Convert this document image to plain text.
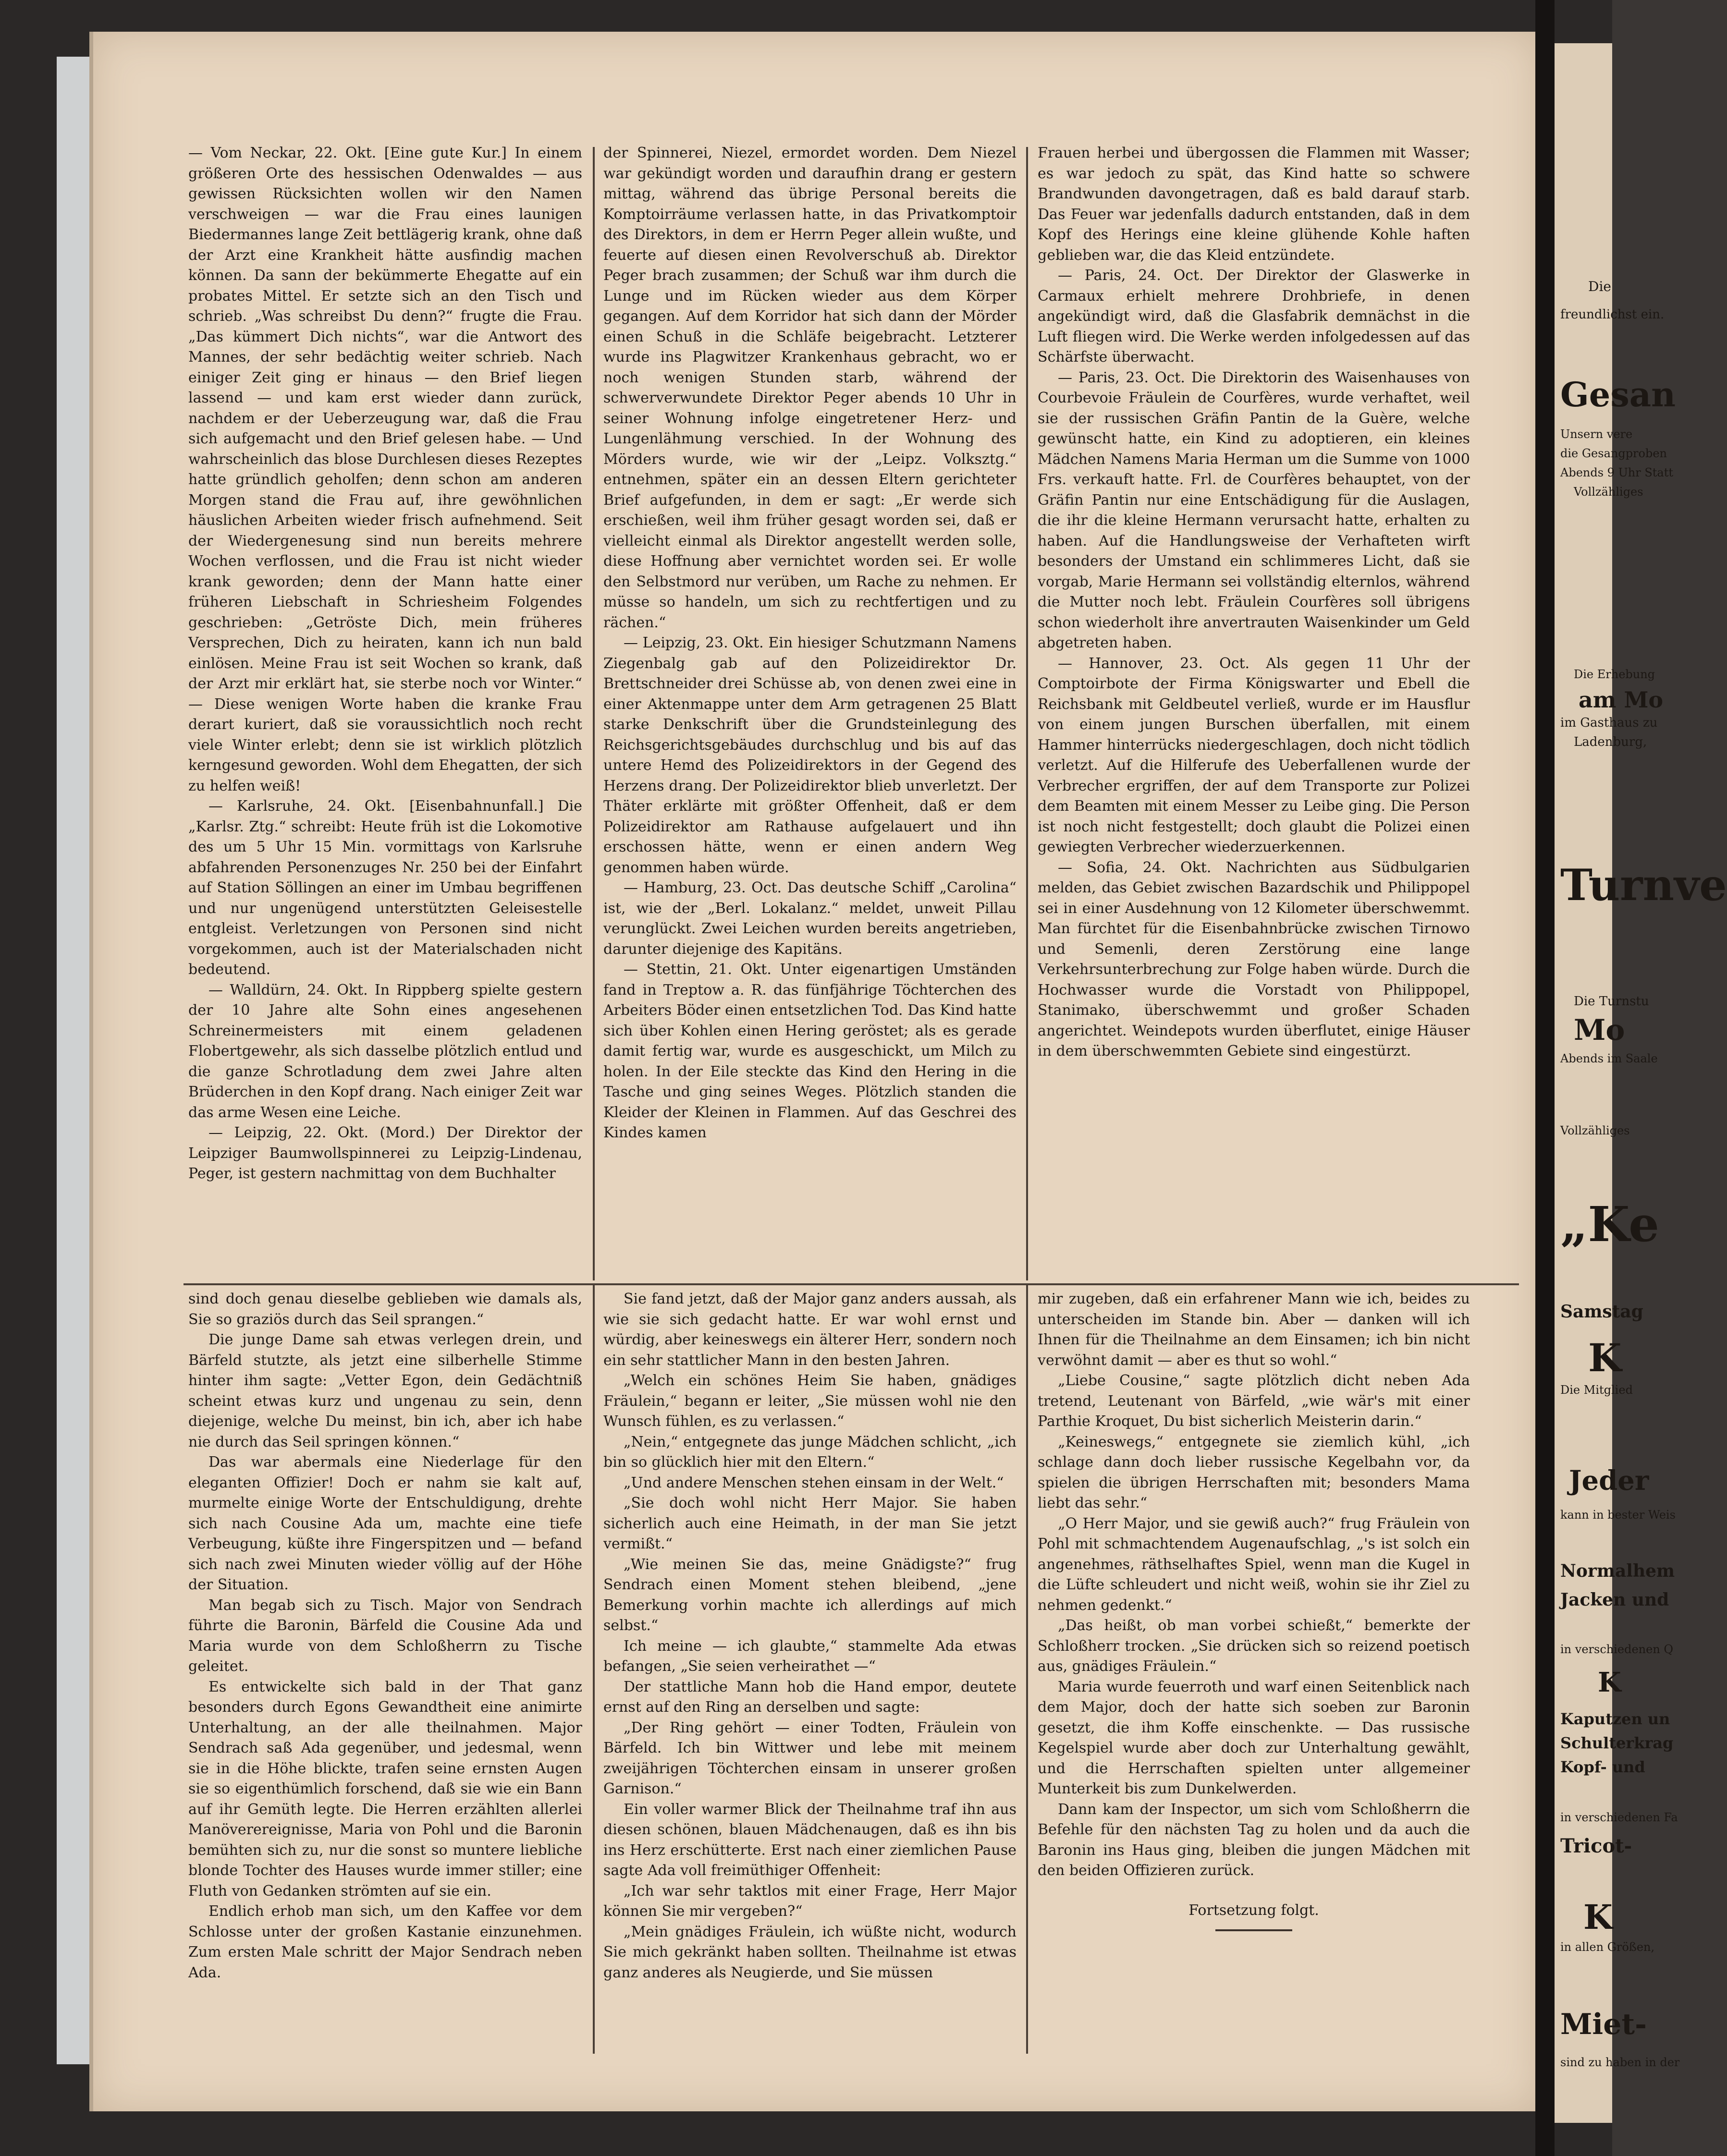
— Vom Neckar, 22. Okt. [Eine gute Kur.] In einem größeren Orte des hessischen Odenwaldes — aus gewissen Rücksichten wollen wir den Namen verschweigen — war die Frau eines launigen Biedermannes lange Zeit bettlägerig krank, ohne daß der Arzt eine Krankheit hätte ausfindig machen können. Da sann der bekümmerte Ehegatte auf ein probates Mittel. Er setzte sich an den Tisch und schrieb. „Was schreibst Du denn?“ frugte die Frau. „Das kümmert Dich nichts“, war die Antwort des Mannes, der sehr bedächtig weiter schrieb. Nach einiger Zeit ging er hinaus — den Brief liegen lassend — und kam erst wieder dann zurück, nachdem er der Ueberzeugung war, daß die Frau sich aufgemacht und den Brief gelesen habe. — Und wahrscheinlich das blose Durchlesen dieses Rezeptes hatte gründlich geholfen; denn schon am anderen Morgen stand die Frau auf, ihre gewöhnlichen häuslichen Arbeiten wieder frisch aufnehmend. Seit der Wiedergenesung sind nun bereits mehrere Wochen verflossen, und die Frau ist nicht wieder krank geworden; denn der Mann hatte einer früheren Liebschaft in Schriesheim Folgendes geschrieben: „Getröste Dich, mein früheres Versprechen, Dich zu heiraten, kann ich nun bald einlösen. Meine Frau ist seit Wochen so krank, daß der Arzt mir erklärt hat, sie sterbe noch vor Winter.“ — Diese wenigen Worte haben die kranke Frau derart kuriert, daß sie voraussichtlich noch recht viele Winter erlebt; denn sie ist wirklich plötzlich kerngesund geworden. Wohl dem Ehegatten, der sich zu helfen weiß!

— Karlsruhe, 24. Okt. [Eisenbahnunfall.] Die „Karlsr. Ztg.“ schreibt: Heute früh ist die Lokomotive des um 5 Uhr 15 Min. vormittags von Karlsruhe abfahrenden Personenzuges Nr. 250 bei der Einfahrt auf Station Söllingen an einer im Umbau begriffenen und nur ungenügend unterstützten Geleisestelle entgleist. Verletzungen von Personen sind nicht vorgekommen, auch ist der Materialschaden nicht bedeutend.

— Walldürn, 24. Okt. In Rippberg spielte gestern der 10 Jahre alte Sohn eines angesehenen Schreinermeisters mit einem geladenen Flobertgewehr, als sich dasselbe plötzlich entlud und die ganze Schrotladung dem zwei Jahre alten Brüderchen in den Kopf drang. Nach einiger Zeit war das arme Wesen eine Leiche.

— Leipzig, 22. Okt. (Mord.) Der Direktor der Leipziger Baumwollspinnerei zu Leipzig-Lindenau, Peger, ist gestern nachmittag von dem Buchhalter

der Spinnerei, Niezel, ermordet worden. Dem Niezel war gekündigt worden und daraufhin drang er gestern mittag, während das übrige Personal bereits die Komptoirräume verlassen hatte, in das Privatkomptoir des Direktors, in dem er Herrn Peger allein wußte, und feuerte auf diesen einen Revolverschuß ab. Direktor Peger brach zusammen; der Schuß war ihm durch die Lunge und im Rücken wieder aus dem Körper gegangen. Auf dem Korridor hat sich dann der Mörder einen Schuß in die Schläfe beigebracht. Letzterer wurde ins Plagwitzer Krankenhaus gebracht, wo er noch wenigen Stunden starb, während der schwerverwundete Direktor Peger abends 10 Uhr in seiner Wohnung infolge eingetretener Herz- und Lungenlähmung verschied. In der Wohnung des Mörders wurde, wie wir der „Leipz. Volksztg.“ entnehmen, später ein an dessen Eltern gerichteter Brief aufgefunden, in dem er sagt: „Er werde sich erschießen, weil ihm früher gesagt worden sei, daß er vielleicht einmal als Direktor angestellt werden solle, diese Hoffnung aber vernichtet worden sei. Er wolle den Selbstmord nur verüben, um Rache zu nehmen. Er müsse so handeln, um sich zu rechtfertigen und zu rächen.“

— Leipzig, 23. Okt. Ein hiesiger Schutzmann Namens Ziegenbalg gab auf den Polizeidirektor Dr. Brettschneider drei Schüsse ab, von denen zwei eine in einer Aktenmappe unter dem Arm getragenen 25 Blatt starke Denkschrift über die Grundsteinlegung des Reichsgerichtsgebäudes durchschlug und bis auf das untere Hemd des Polizeidirektors in der Gegend des Herzens drang. Der Polizeidirektor blieb unverletzt. Der Thäter erklärte mit größter Offenheit, daß er dem Polizeidirektor am Rathause aufgelauert und ihn erschossen hätte, wenn er einen andern Weg genommen haben würde.

— Hamburg, 23. Oct. Das deutsche Schiff „Carolina“ ist, wie der „Berl. Lokalanz.“ meldet, unweit Pillau verunglückt. Zwei Leichen wurden bereits angetrieben, darunter diejenige des Kapitäns.

— Stettin, 21. Okt. Unter eigenartigen Umständen fand in Treptow a. R. das fünfjährige Töchterchen des Arbeiters Böder einen entsetzlichen Tod. Das Kind hatte sich über Kohlen einen Hering geröstet; als es gerade damit fertig war, wurde es ausgeschickt, um Milch zu holen. In der Eile steckte das Kind den Hering in die Tasche und ging seines Weges. Plötzlich standen die Kleider der Kleinen in Flammen. Auf das Geschrei des Kindes kamen

Frauen herbei und übergossen die Flammen mit Wasser; es war jedoch zu spät, das Kind hatte so schwere Brandwunden davongetragen, daß es bald darauf starb. Das Feuer war jedenfalls dadurch entstanden, daß in dem Kopf des Herings eine kleine glühende Kohle haften geblieben war, die das Kleid entzündete.

— Paris, 24. Oct. Der Direktor der Glaswerke in Carmaux erhielt mehrere Drohbriefe, in denen angekündigt wird, daß die Glasfabrik demnächst in die Luft fliegen wird. Die Werke werden infolgedessen auf das Schärfste überwacht.

— Paris, 23. Oct. Die Direktorin des Waisenhauses von Courbevoie Fräulein de Courfères, wurde verhaftet, weil sie der russischen Gräfin Pantin de la Guère, welche gewünscht hatte, ein Kind zu adoptieren, ein kleines Mädchen Namens Maria Herman um die Summe von 1000 Frs. verkauft hatte. Frl. de Courfères behauptet, von der Gräfin Pantin nur eine Entschädigung für die Auslagen, die ihr die kleine Hermann verursacht hatte, erhalten zu haben. Auf die Handlungsweise der Verhafteten wirft besonders der Umstand ein schlimmeres Licht, daß sie vorgab, Marie Hermann sei vollständig elternlos, während die Mutter noch lebt. Fräulein Courfères soll übrigens schon wiederholt ihre anvertrauten Waisenkinder um Geld abgetreten haben.

— Hannover, 23. Oct. Als gegen 11 Uhr der Comptoirbote der Firma Königswarter und Ebell die Reichsbank mit Geldbeutel verließ, wurde er im Hausflur von einem jungen Burschen überfallen, mit einem Hammer hinterrücks niedergeschlagen, doch nicht tödlich verletzt. Auf die Hilferufe des Ueberfallenen wurde der Verbrecher ergriffen, der auf dem Transporte zur Polizei dem Beamten mit einem Messer zu Leibe ging. Die Person ist noch nicht festgestellt; doch glaubt die Polizei einen gewiegten Verbrecher wiederzuerkennen.

— Sofia, 24. Okt. Nachrichten aus Südbulgarien melden, das Gebiet zwischen Bazardschik und Philippopel sei in einer Ausdehnung von 12 Kilometer überschwemmt. Man fürchtet für die Eisenbahnbrücke zwischen Tirnowo und Semenli, deren Zerstörung eine lange Verkehrsunterbrechung zur Folge haben würde. Durch die Hochwasser wurde die Vorstadt von Philippopel, Stanimako, überschwemmt und großer Schaden angerichtet. Weindepots wurden überflutet, einige Häuser in dem überschwemmten Gebiete sind eingestürzt.

sind doch genau dieselbe geblieben wie damals als, Sie so graziös durch das Seil sprangen.“

Die junge Dame sah etwas verlegen drein, und Bärfeld stutzte, als jetzt eine silberhelle Stimme hinter ihm sagte: „Vetter Egon, dein Gedächtniß scheint etwas kurz und ungenau zu sein, denn diejenige, welche Du meinst, bin ich, aber ich habe nie durch das Seil springen können.“

Das war abermals eine Niederlage für den eleganten Offizier! Doch er nahm sie kalt auf, murmelte einige Worte der Entschuldigung, drehte sich nach Cousine Ada um, machte eine tiefe Verbeugung, küßte ihre Fingerspitzen und — befand sich nach zwei Minuten wieder völlig auf der Höhe der Situation.

Man begab sich zu Tisch. Major von Sendrach führte die Baronin, Bärfeld die Cousine Ada und Maria wurde von dem Schloßherrn zu Tische geleitet.

Es entwickelte sich bald in der That ganz besonders durch Egons Gewandtheit eine animirte Unterhaltung, an der alle theilnahmen. Major Sendrach saß Ada gegenüber, und jedesmal, wenn sie in die Höhe blickte, trafen seine ernsten Augen sie so eigenthümlich forschend, daß sie wie ein Bann auf ihr Gemüth legte. Die Herren erzählten allerlei Manöverereignisse, Maria von Pohl und die Baronin bemühten sich zu, nur die sonst so muntere liebliche blonde Tochter des Hauses wurde immer stiller; eine Fluth von Gedanken strömten auf sie ein.

Endlich erhob man sich, um den Kaffee vor dem Schlosse unter der großen Kastanie einzunehmen. Zum ersten Male schritt der Major Sendrach neben Ada.

Sie fand jetzt, daß der Major ganz anders aussah, als wie sie sich gedacht hatte. Er war wohl ernst und würdig, aber keineswegs ein älterer Herr, sondern noch ein sehr stattlicher Mann in den besten Jahren.

„Welch ein schönes Heim Sie haben, gnädiges Fräulein,“ begann er leiter, „Sie müssen wohl nie den Wunsch fühlen, es zu verlassen.“

„Nein,“ entgegnete das junge Mädchen schlicht, „ich bin so glücklich hier mit den Eltern.“

„Und andere Menschen stehen einsam in der Welt.“

„Sie doch wohl nicht Herr Major. Sie haben sicherlich auch eine Heimath, in der man Sie jetzt vermißt.“

„Wie meinen Sie das, meine Gnädigste?“ frug Sendrach einen Moment stehen bleibend, „jene Bemerkung vorhin machte ich allerdings auf mich selbst.“

Ich meine — ich glaubte,“ stammelte Ada etwas befangen, „Sie seien verheirathet —“

Der stattliche Mann hob die Hand empor, deutete ernst auf den Ring an derselben und sagte:

„Der Ring gehört — einer Todten, Fräulein von Bärfeld. Ich bin Wittwer und lebe mit meinem zweijährigen Töchterchen einsam in unserer großen Garnison.“

Ein voller warmer Blick der Theilnahme traf ihn aus diesen schönen, blauen Mädchenaugen, daß es ihn bis ins Herz erschütterte. Erst nach einer ziemlichen Pause sagte Ada voll freimüthiger Offenheit:

„Ich war sehr taktlos mit einer Frage, Herr Major können Sie mir vergeben?“

„Mein gnädiges Fräulein, ich wüßte nicht, wodurch Sie mich gekränkt haben sollten. Theilnahme ist etwas ganz anderes als Neugierde, und Sie müssen

mir zugeben, daß ein erfahrener Mann wie ich, beides zu unterscheiden im Stande bin. Aber — danken will ich Ihnen für die Theilnahme an dem Einsamen; ich bin nicht verwöhnt damit — aber es thut so wohl.“

„Liebe Cousine,“ sagte plötzlich dicht neben Ada tretend, Leutenant von Bärfeld, „wie wär's mit einer Parthie Kroquet, Du bist sicherlich Meisterin darin.“

„Keineswegs,“ entgegnete sie ziemlich kühl, „ich schlage dann doch lieber russische Kegelbahn vor, da spielen die übrigen Herrschaften mit; besonders Mama liebt das sehr.“

„O Herr Major, und sie gewiß auch?“ frug Fräulein von Pohl mit schmachtendem Augenaufschlag, „'s ist solch ein angenehmes, räthselhaftes Spiel, wenn man die Kugel in die Lüfte schleudert und nicht weiß, wohin sie ihr Ziel zu nehmen gedenkt.“

„Das heißt, ob man vorbei schießt,“ bemerkte der Schloßherr trocken. „Sie drücken sich so reizend poetisch aus, gnädiges Fräulein.“

Maria wurde feuerroth und warf einen Seitenblick nach dem Major, doch der hatte sich soeben zur Baronin gesetzt, die ihm Koffe einschenkte. — Das russische Kegelspiel wurde aber doch zur Unterhaltung gewählt, und die Herrschaften spielten unter allgemeiner Munterkeit bis zum Dunkelwerden.

Dann kam der Inspector, um sich vom Schloßherrn die Befehle für den nächsten Tag zu holen und da auch die Baronin ins Haus ging, bleiben die jungen Mädchen mit den beiden Offizieren zurück.

Fortsetzung folgt.

Die

freundlichst ein.

Gesan

Unsern vere

die Gesangproben

Abends 9 Uhr Statt

Vollzähliges

Die Erhebung

am Mo

im Gasthaus zu

Ladenburg,

Turnve

Die Turnstu

Mo

Abends im Saale

Vollzähliges

„Ke

Samstag

K

Die Mitglied

Jeder

kann in bester Weis

Normalhem

Jacken und

in verschiedenen Q

K

Kaputzen un

Schulterkrag

Kopf- und

in verschiedenen Fa

Tricot-

K

in allen Größen,

Miet-

sind zu haben in der
